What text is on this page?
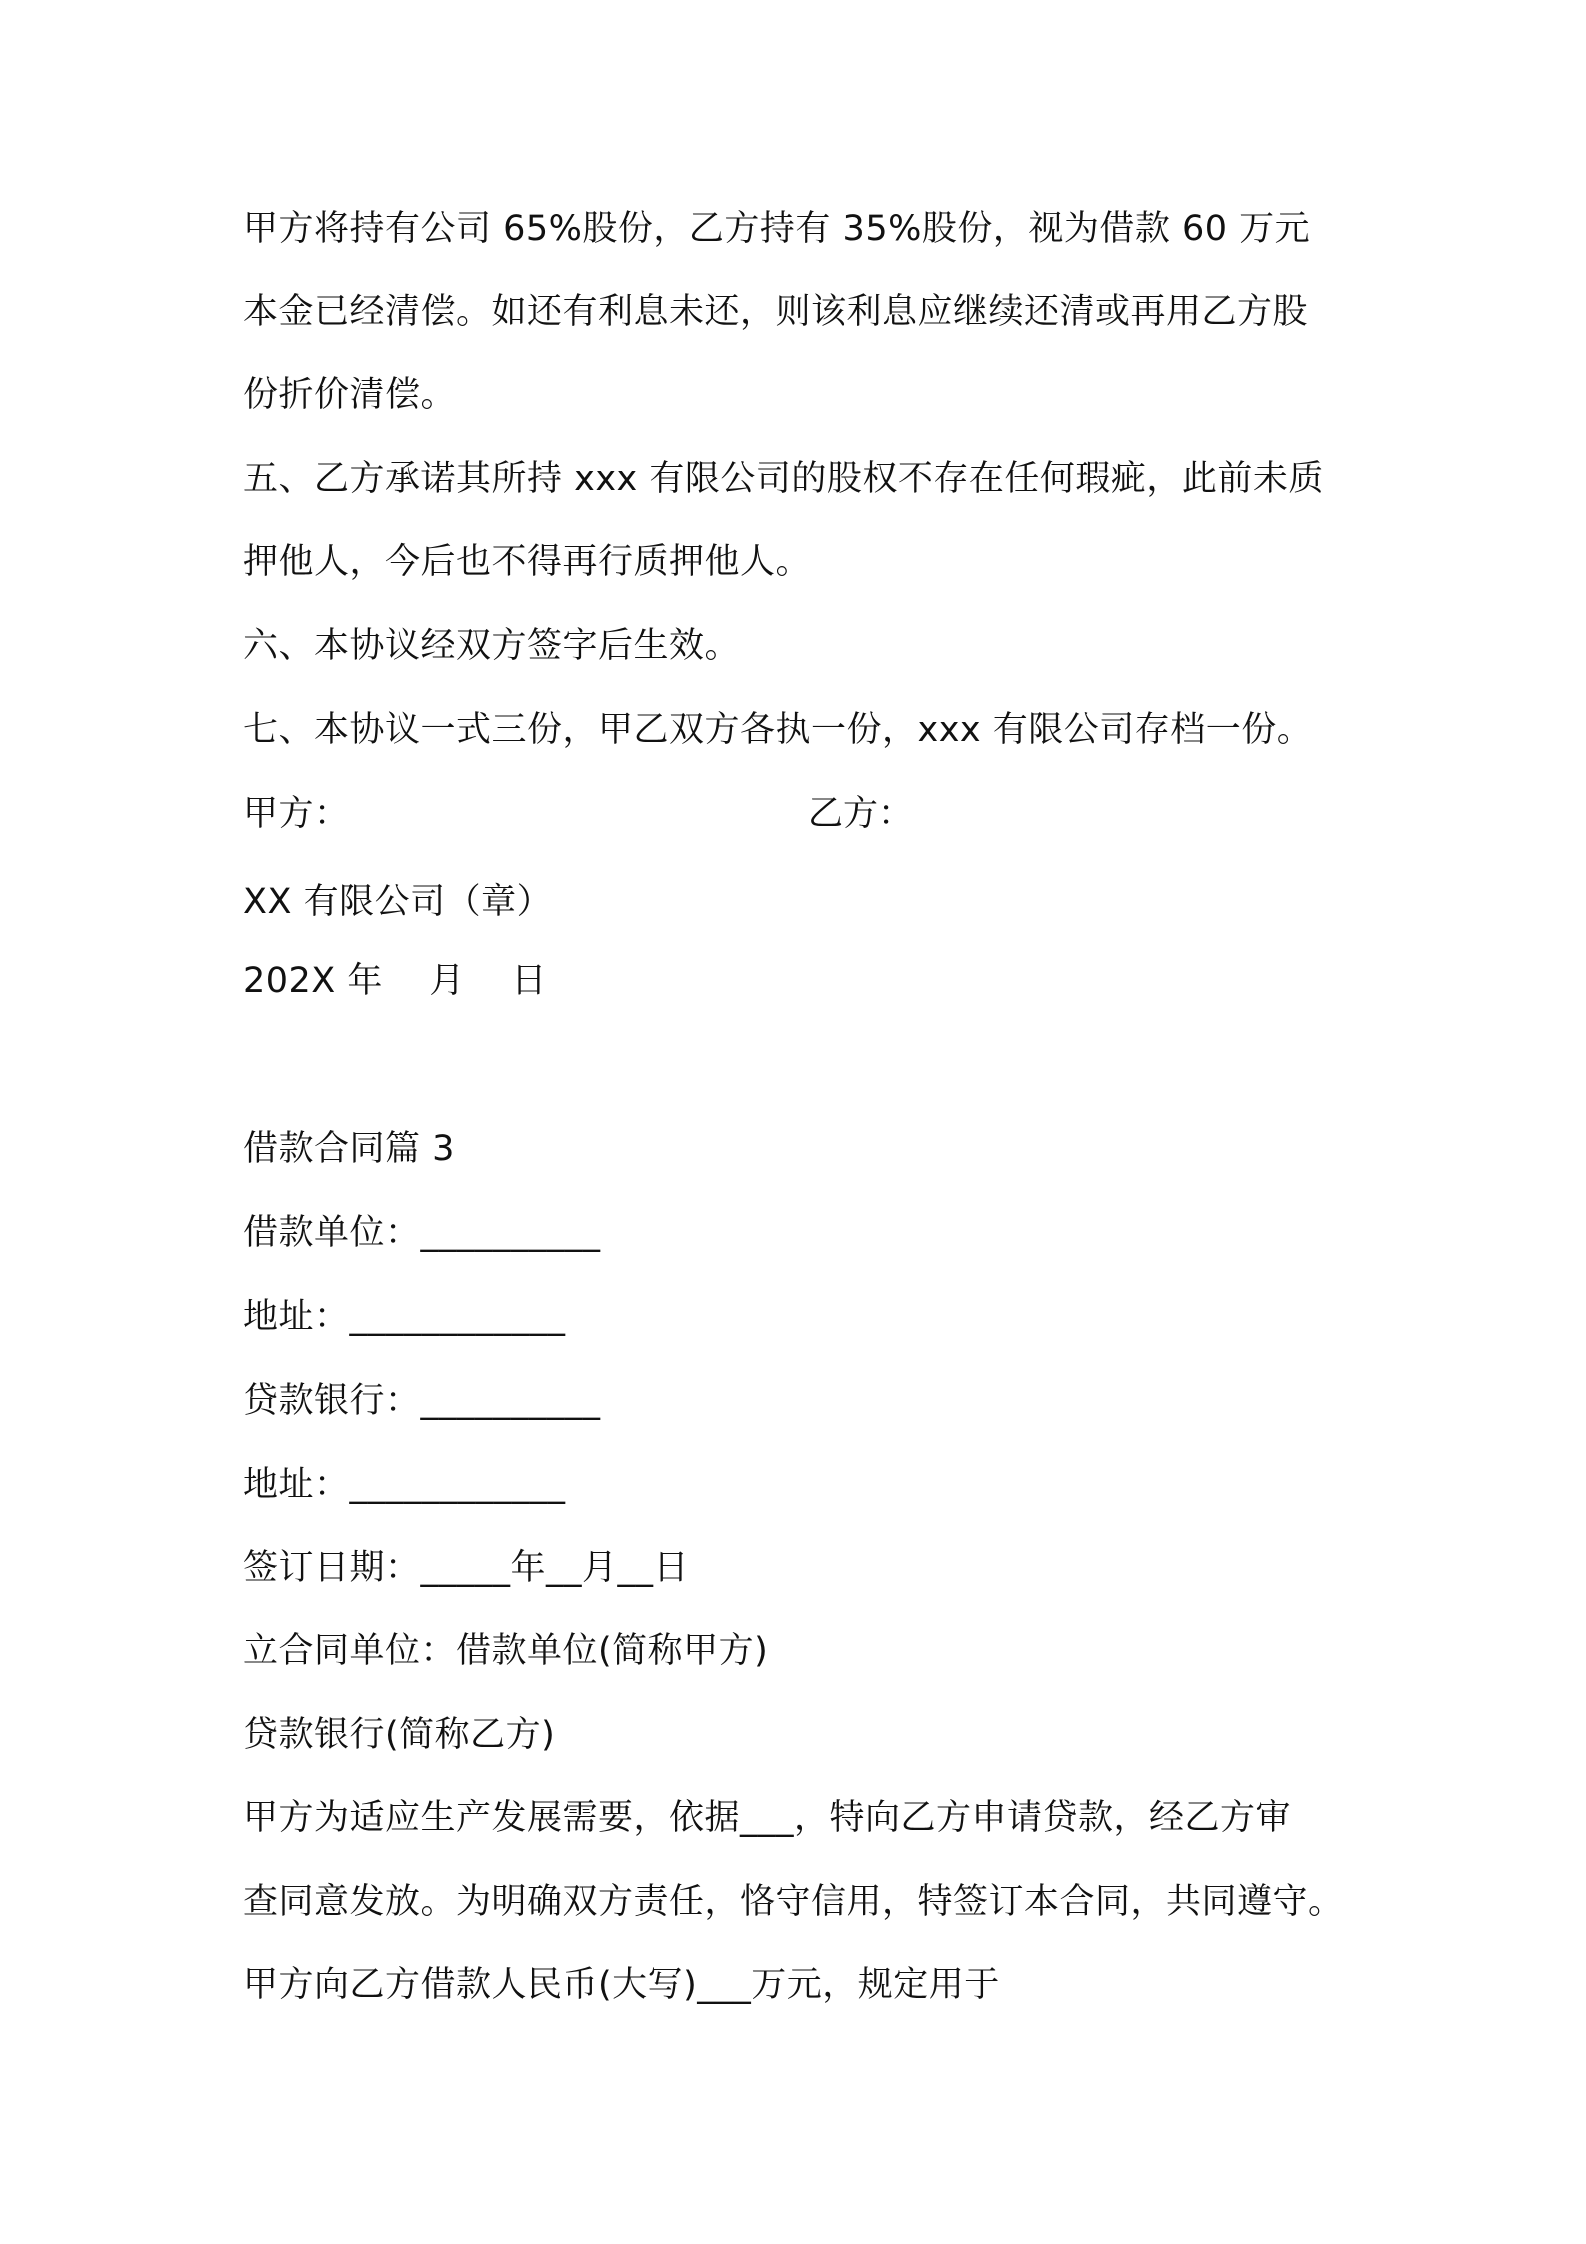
甲方将持有公司 65%股份，乙方持有 35%股份，视为借款 60 万元
本金已经清偿。如还有利息未还，则该利息应继续还清或再用乙方股
份折价清偿。
五、乙方承诺其所持 xxx 有限公司的股权不存在任何瑕疵，此前未质
押他人，今后也不得再行质押他人。
六、本协议经双方签字后生效。
七、本协议一式三份，甲乙双方各执一份，xxx 有限公司存档一份。
甲方：	乙方：
XX 有限公司（章）
202X 年    月    日
借款合同篇 3
借款单位：__________
地址：____________
贷款银行：__________
地址：____________
签订日期：_____年__月__日
立合同单位：借款单位(简称甲方)
贷款银行(简称乙方)
甲方为适应生产发展需要，依据___，特向乙方申请贷款，经乙方审
查同意发放。为明确双方责任，恪守信用，特签订本合同，共同遵守。
甲方向乙方借款人民币(大写)___万元，规定用于
